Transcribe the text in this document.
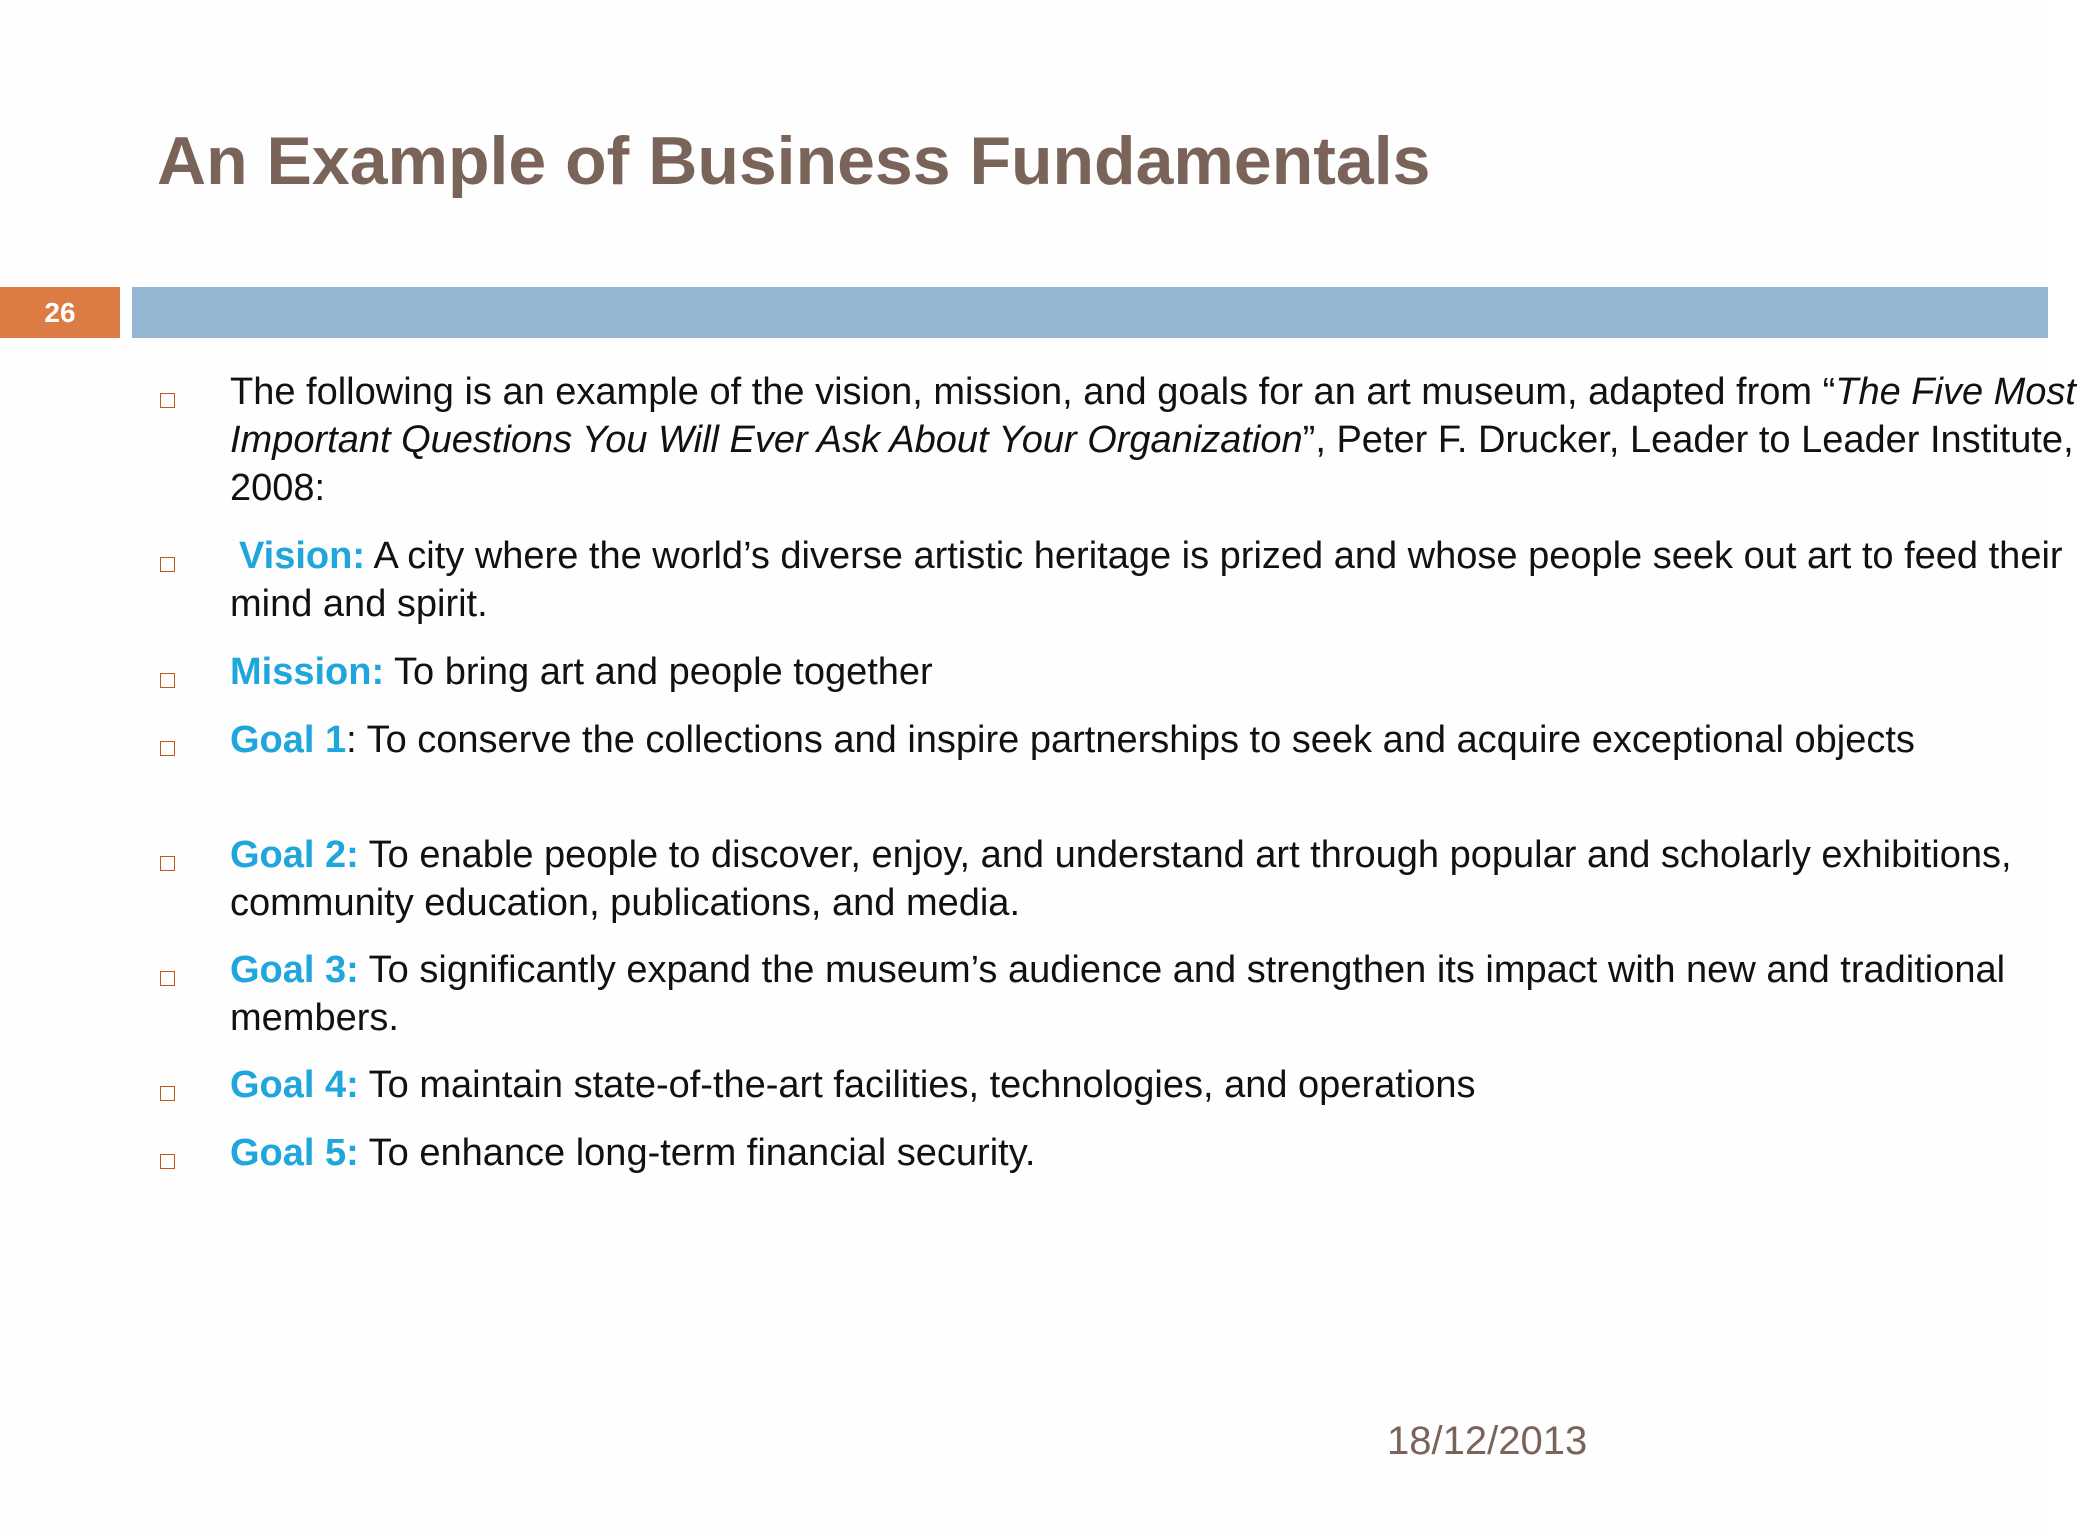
An Example of Business Fundamentals
26
The following is an example of the vision, mission, and goals for an art museum, adapted from “The Five Most Important Questions You Will Ever Ask About Your Organization”, Peter F. Drucker, Leader to Leader Institute, 2008:
Vision: A city where the world’s diverse artistic heritage is prized and whose people seek out art to feed their mind and spirit.
Mission: To bring art and people together
Goal 1: To conserve the collections and inspire partnerships to seek and acquire exceptional objects
Goal 2: To enable people to discover, enjoy, and understand art through popular and scholarly exhibitions, community education, publications, and media.
Goal 3: To significantly expand the museum’s audience and strengthen its impact with new and traditional members.
Goal 4: To maintain state-of-the-art facilities, technologies, and operations
Goal 5: To enhance long-term financial security.
18/12/2013
